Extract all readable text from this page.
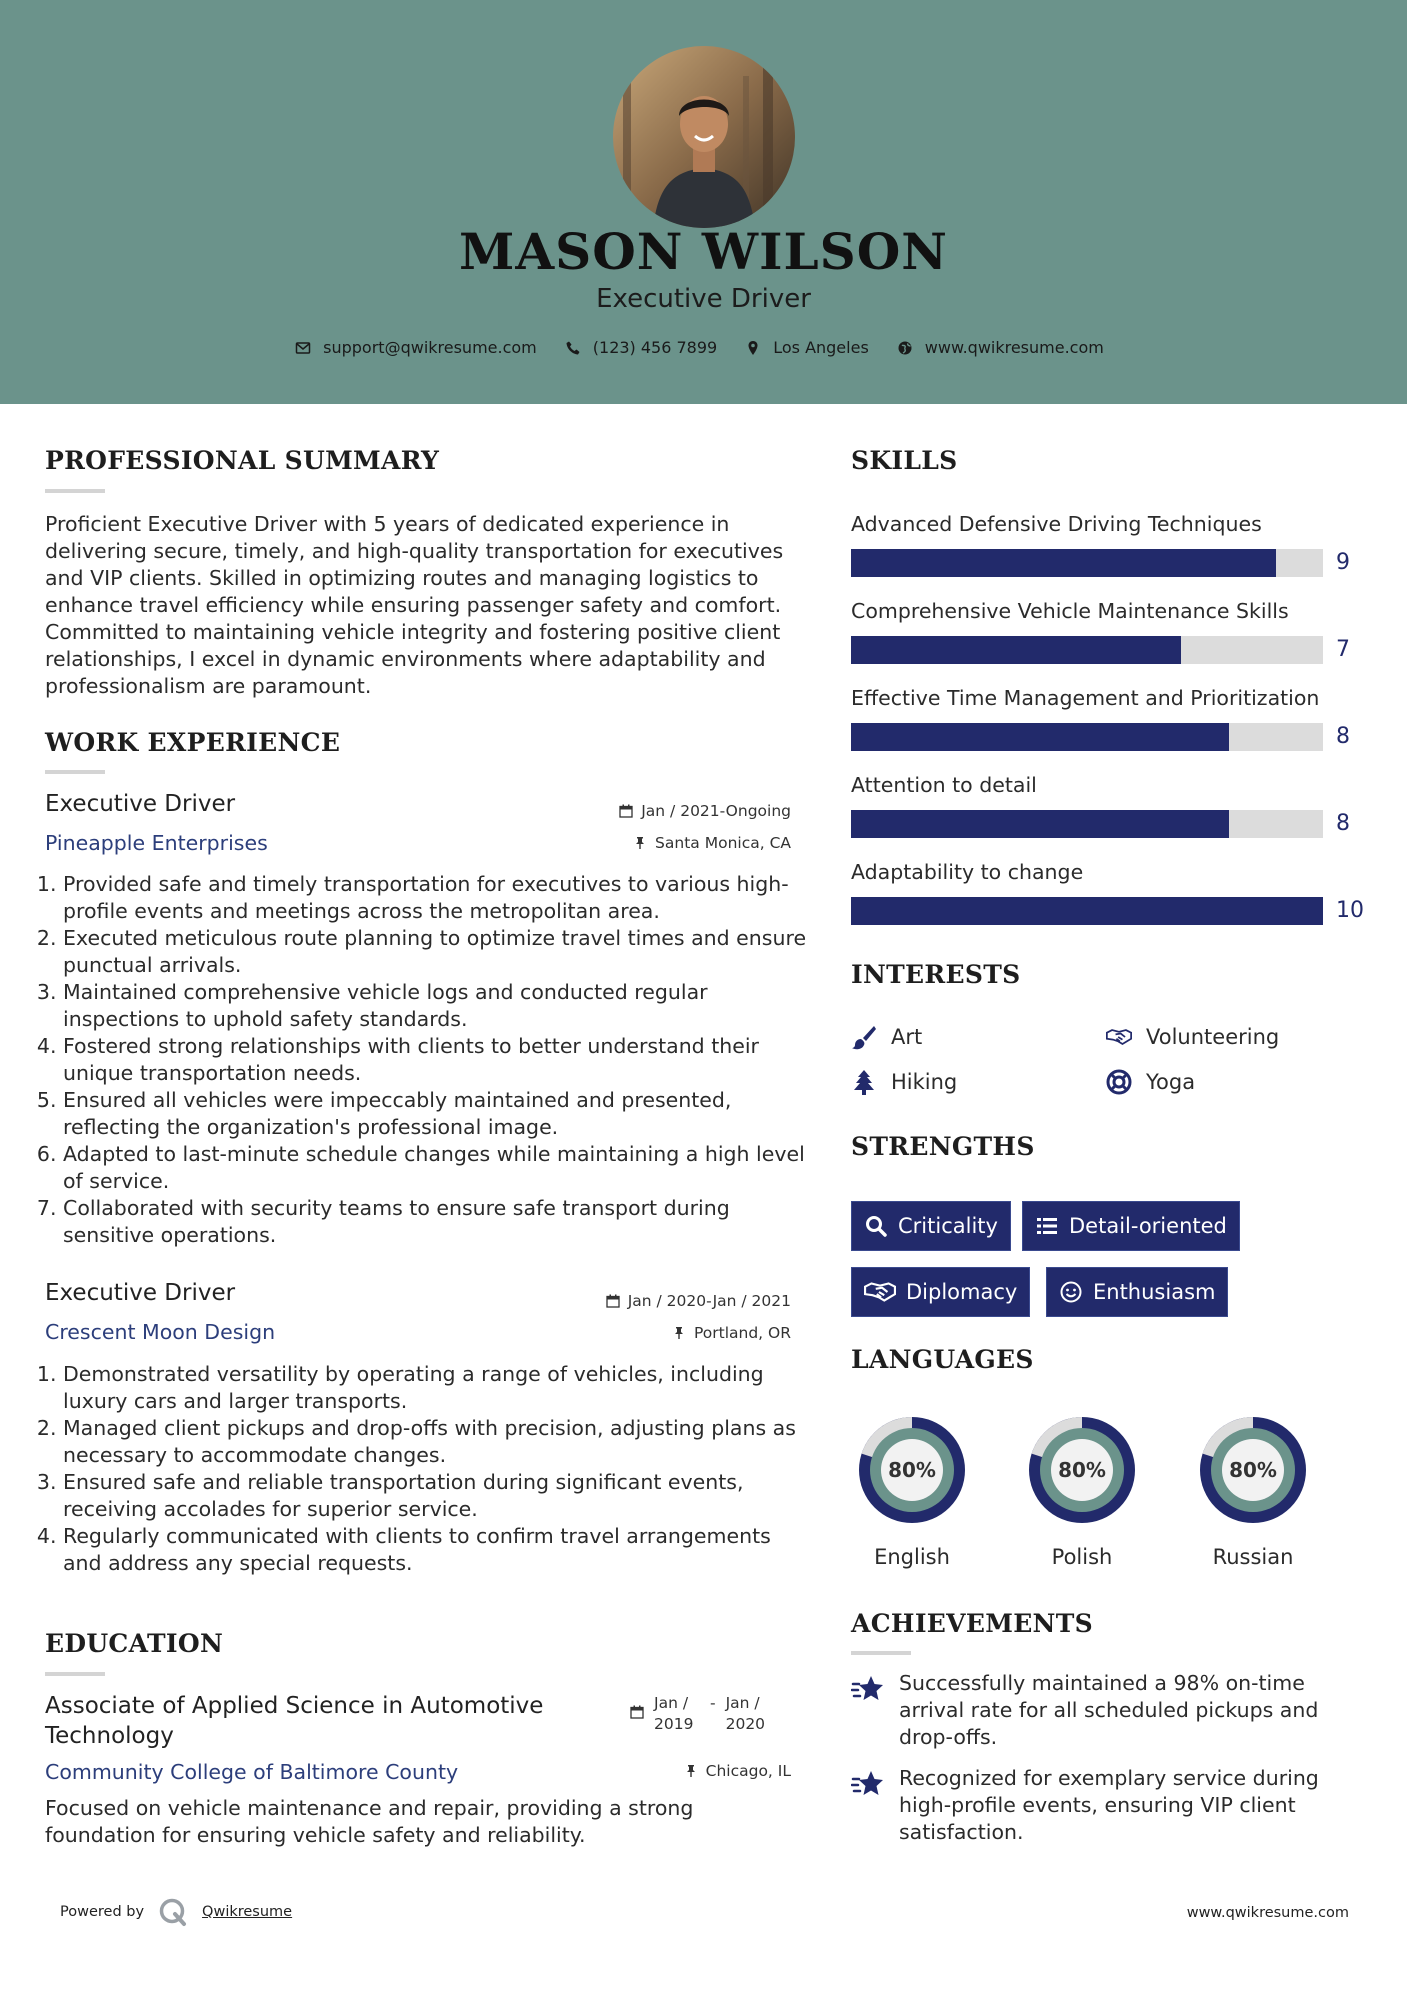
MASON WILSON
Executive Driver
support@qwikresume.com	(123) 456 7899	Los Angeles	www.qwikresume.com
PROFESSIONAL SUMMARY
Proficient Executive Driver with 5 years of dedicated experience in delivering secure, timely, and high-quality transportation for executives and VIP clients. Skilled in optimizing routes and managing logistics to enhance travel efficiency while ensuring passenger safety and comfort. Committed to maintaining vehicle integrity and fostering positive client relationships, I excel in dynamic environments where adaptability and professionalism are paramount.
WORK EXPERIENCE
Executive Driver	Jan / 2021-Ongoing
Pineapple Enterprises	Santa Monica, CA
1. Provided safe and timely transportation for executives to various high-profile events and meetings across the metropolitan area.
2. Executed meticulous route planning to optimize travel times and ensure punctual arrivals.
3. Maintained comprehensive vehicle logs and conducted regular inspections to uphold safety standards.
4. Fostered strong relationships with clients to better understand their unique transportation needs.
5. Ensured all vehicles were impeccably maintained and presented, reflecting the organization's professional image.
6. Adapted to last-minute schedule changes while maintaining a high level of service.
7. Collaborated with security teams to ensure safe transport during sensitive operations.
Executive Driver	Jan / 2020-Jan / 2021
Crescent Moon Design	Portland, OR
1. Demonstrated versatility by operating a range of vehicles, including luxury cars and larger transports.
2. Managed client pickups and drop-offs with precision, adjusting plans as necessary to accommodate changes.
3. Ensured safe and reliable transportation during significant events, receiving accolades for superior service.
4. Regularly communicated with clients to confirm travel arrangements and address any special requests.
EDUCATION
Associate of Applied Science in Automotive Technology
Jan / 2019
- Jan / 2020
Community College of Baltimore County	Chicago, IL
Focused on vehicle maintenance and repair, providing a strong foundation for ensuring vehicle safety and reliability.
SKILLS
Advanced Defensive Driving Techniques
9
Comprehensive Vehicle Maintenance Skills
7
Effective Time Management and Prioritization
8
Attention to detail
8
Adaptability to change
10
INTERESTS
Art	Volunteering
Hiking	Yoga
STRENGTHS
Criticality	Detail-oriented
Diplomacy	Enthusiasm
LANGUAGES
80%
English
80%
Polish
80%
Russian
ACHIEVEMENTS
Successfully maintained a 98% on-time arrival rate for all scheduled pickups and drop-offs.
Recognized for exemplary service during high-profile events, ensuring VIP client satisfaction.
Powered by	Qwikresume	www.qwikresume.com
